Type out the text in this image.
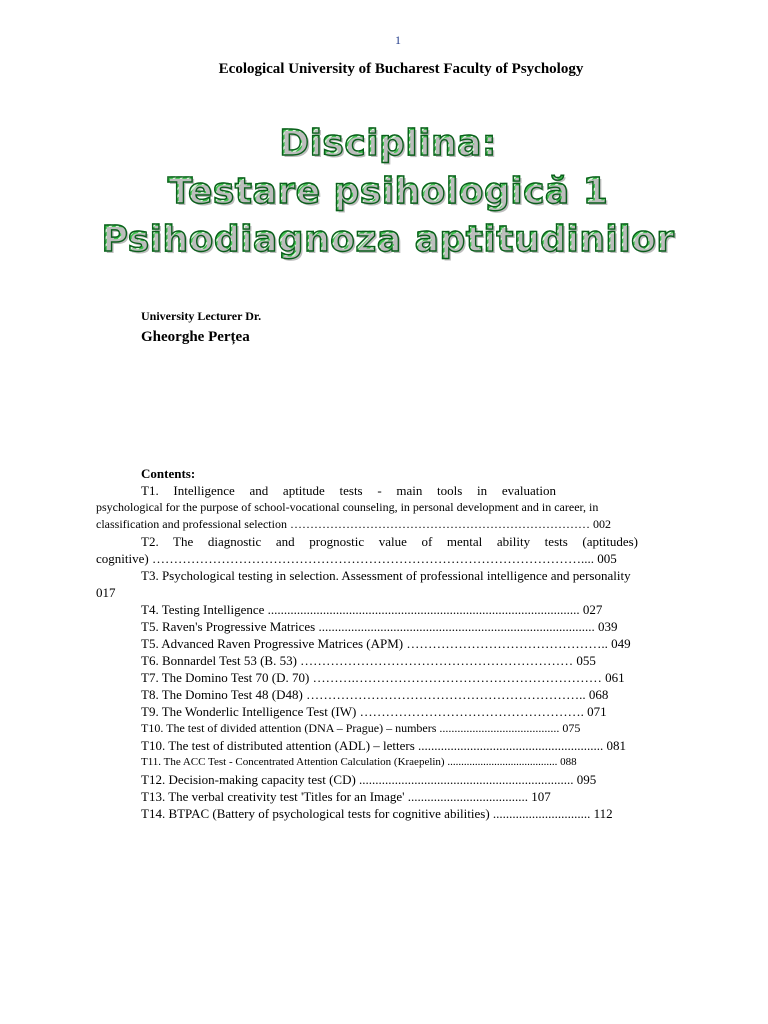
1
Ecological University of Bucharest Faculty of Psychology
Disciplina:
Testare psihologică 1
Psihodiagnoza aptitudinilor
University Lecturer Dr.
Gheorghe Perțea
Contents:
T1. Intelligence and aptitude tests - main tools in evaluation
psychological for the purpose of school-vocational counseling, in personal development and in career, in
classification and professional selection ………………………………………………………………… 002
T2. The diagnostic and prognostic value of mental ability tests (aptitudes)
cognitive) ……………………………………………………………………………………….... 005
T3. Psychological testing in selection. Assessment of professional intelligence and personality
017
T4. Testing Intelligence ................................................................................................ 027
T5. Raven's Progressive Matrices ..................................................................................... 039
T5. Advanced Raven Progressive Matrices (APM) ……………………………………….. 049
T6. Bonnardel Test 53 (B. 53) ……………………………………………………… 055
T7. The Domino Test 70 (D. 70) ……….………………………………………………… 061
T8. The Domino Test 48 (D48) ……………………………………………………….. 068
T9. The Wonderlic Intelligence Test (IW) ……………………………………………. 071
T10. The test of divided attention (DNA – Prague) – numbers ........................................ 075
T10. The test of distributed attention (ADL) – letters ......................................................... 081
T11. The ACC Test - Concentrated Attention Calculation (Kraepelin) ........................................ 088
T12. Decision-making capacity test (CD) .................................................................. 095
T13. The verbal creativity test 'Titles for an Image' ..................................... 107
T14. BTPAC (Battery of psychological tests for cognitive abilities) .............................. 112
